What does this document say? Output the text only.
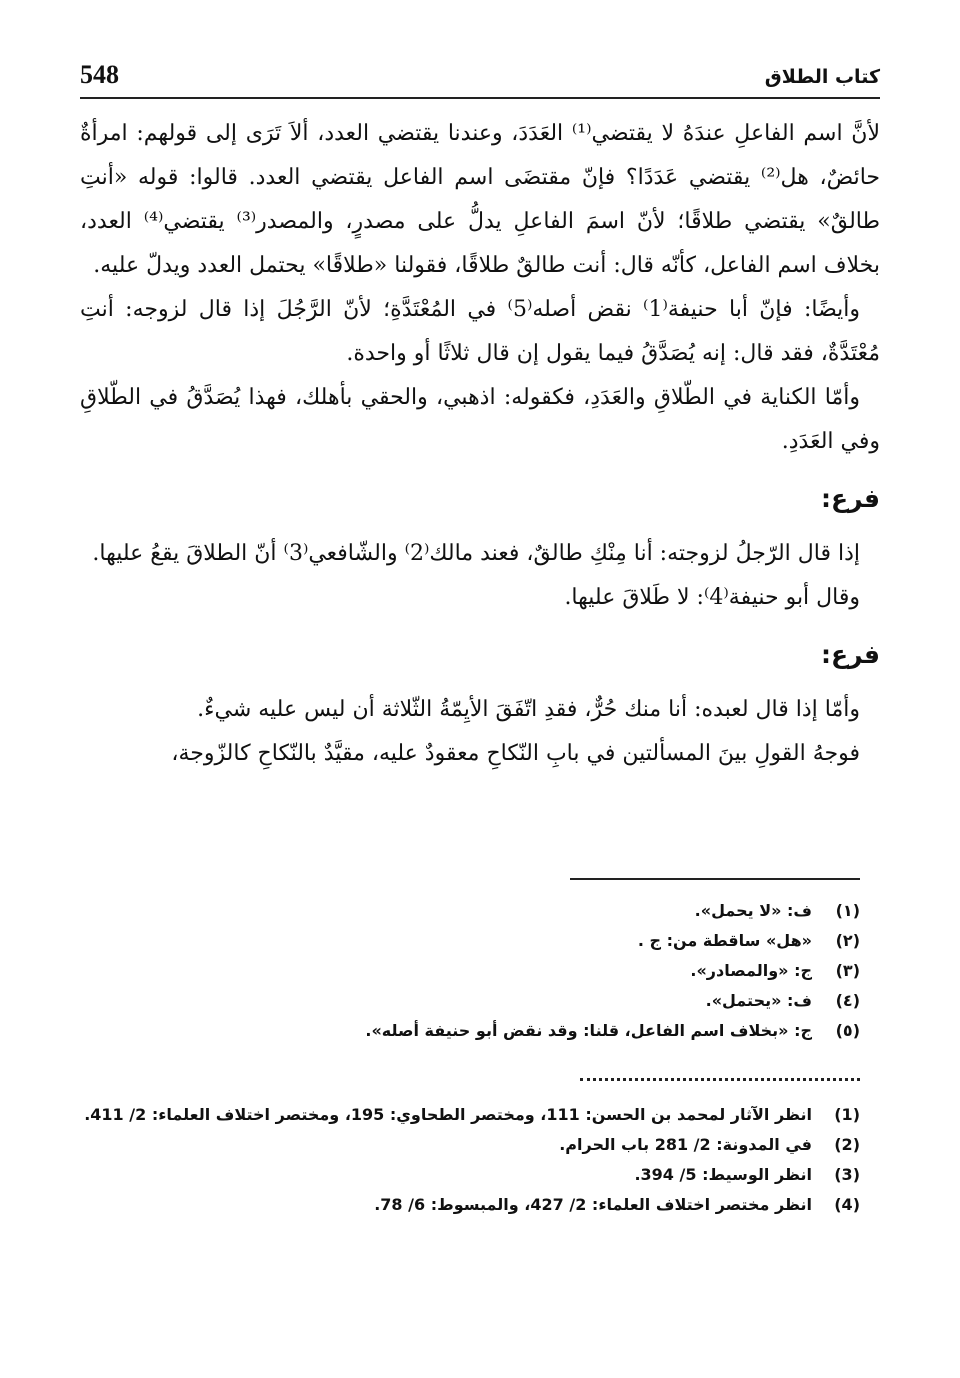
548	كتاب الطلاق

لأنَّ اسم الفاعلِ عندَهُ لا يقتضي⁽¹⁾ العَدَدَ، وعندنا يقتضي العدد، ألاَ تَرَى إلى قولهم: امرأةٌ حائضٌ، هل⁽²⁾ يقتضي عَدَدًا؟ فإنّ مقتضَى اسم الفاعل يقتضي العدد. قالوا: قوله «أنتِ طالقٌ» يقتضي طلاقًا؛ لأنّ اسمَ الفاعلِ يدلُّ على مصدرٍ، والمصدر⁽³⁾ يقتضي⁽⁴⁾ العدد، بخلاف اسم الفاعل، كأنّه قال: أنت طالقٌ طلاقًا، فقولنا «طلاقًا» يحتمل العدد ويدلّ عليه.

وأيضًا: فإنّ أبا حنيفة⁽1⁾ نقض أصله⁽5⁾ في المُعْتَدَّةِ؛ لأنّ الرَّجُلَ إذا قال لزوجه: أنتِ مُعْتَدَّةٌ، فقد قال: إنه يُصَدَّقُ فيما يقول إن قال ثلاثًا أو واحدة.

وأمّا الكناية في الطّلاقِ والعَدَدِ، فكقوله: اذهبي، والحقي بأهلك، فهذا يُصَدَّقُ في الطّلاقِ وفي العَدَدِ.

فرع:

إذا قال الرّجلُ لزوجته: أنا مِنْكِ طالقٌ، فعند مالك⁽2⁾ والشّافعي⁽3⁾ أنّ الطلاقَ يقعُ عليها.

وقال أبو حنيفة⁽4⁾: لا طَلاقَ عليها.

فرع:

وأمّا إذا قال لعبده: أنا منك حُرٌّ، فقدِ اتّفَقَ الأيِمّةُ الثّلاثة أن ليس عليه شيءٌ.

فوجهُ القولِ بينَ المسألتين في بابِ النّكاحِ معقودٌ عليه، مقيَّدٌ بالنّكاحِ كالزّوجة،

(١)
ف: «لا يحمل».
(٢)
«هل» ساقطة من: ج .
(٣)
ج: «والمصادر».
(٤)
ف: «يحتمل».
(٥)
ج: «بخلاف اسم الفاعل، قلنا: وقد نقض أبو حنيفة أصله».
(1)
انظر الآثار لمحمد بن الحسن: 111، ومختصر الطحاوي: 195، ومختصر اختلاف العلماء: 2/ 411.
(2)
في المدونة: 2/ 281 باب الحرام.
(3)
انظر الوسيط: 5/ 394.
(4)
انظر مختصر اختلاف العلماء: 2/ 427، والمبسوط: 6/ 78.
